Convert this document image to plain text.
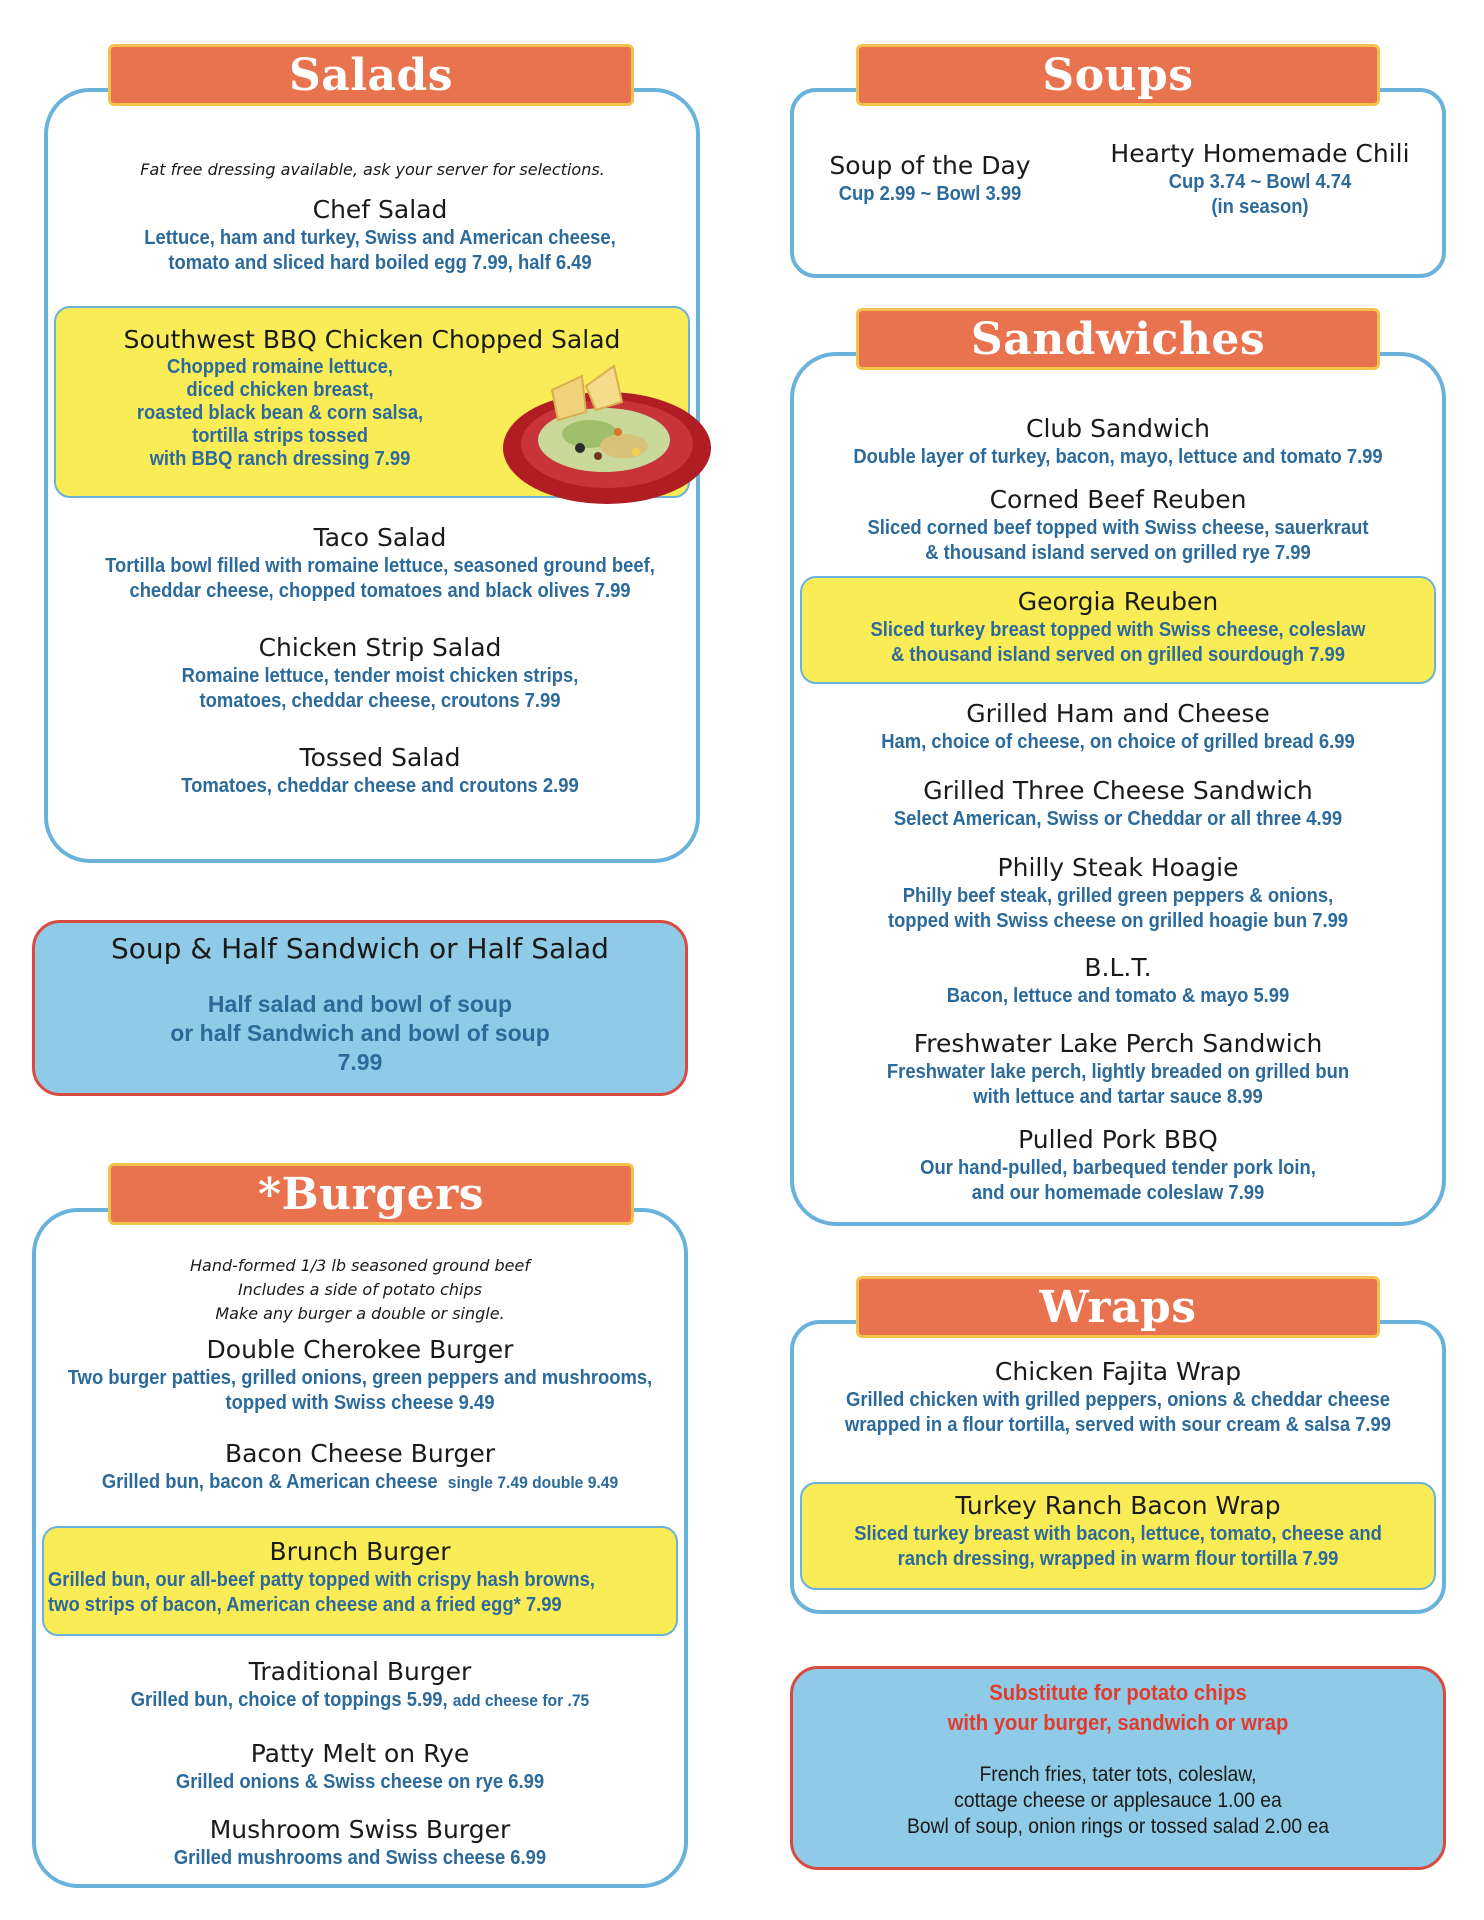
Salads
Fat free dressing available, ask your server for selections.
Chef Salad
Lettuce, ham and turkey, Swiss and American cheese,
tomato and sliced hard boiled egg 7.99, half 6.49
Southwest BBQ Chicken Chopped Salad
Chopped romaine lettuce,
diced chicken breast,
roasted black bean & corn salsa,
tortilla strips tossed
with BBQ ranch dressing 7.99
Taco Salad
Tortilla bowl filled with romaine lettuce, seasoned ground beef,
cheddar cheese, chopped tomatoes and black olives 7.99
Chicken Strip Salad
Romaine lettuce, tender moist chicken strips,
tomatoes, cheddar cheese, croutons 7.99
Tossed Salad
Tomatoes, cheddar cheese and croutons 2.99
Soup & Half Sandwich or Half Salad
Half salad and bowl of soup
or half Sandwich and bowl of soup
7.99
*Burgers
Hand-formed 1/3 lb seasoned ground beef
Includes a side of potato chips
Make any burger a double or single.
Double Cherokee Burger
Two burger patties, grilled onions, green peppers and mushrooms,
topped with Swiss cheese 9.49
Bacon Cheese Burger
Grilled bun, bacon & American cheese single 7.49 double 9.49
Brunch Burger
Grilled bun, our all-beef patty topped with crispy hash browns,
two strips of bacon, American cheese and a fried egg* 7.99
Traditional Burger
Grilled bun, choice of toppings 5.99, add cheese for .75
Patty Melt on Rye
Grilled onions & Swiss cheese on rye 6.99
Mushroom Swiss Burger
Grilled mushrooms and Swiss cheese 6.99
Soups
Soup of the Day
Cup 2.99 ~ Bowl 3.99
Hearty Homemade Chili
Cup 3.74 ~ Bowl 4.74
(in season)
Sandwiches
Club Sandwich
Double layer of turkey, bacon, mayo, lettuce and tomato 7.99
Corned Beef Reuben
Sliced corned beef topped with Swiss cheese, sauerkraut
& thousand island served on grilled rye 7.99
Georgia Reuben
Sliced turkey breast topped with Swiss cheese, coleslaw
& thousand island served on grilled sourdough 7.99
Grilled Ham and Cheese
Ham, choice of cheese, on choice of grilled bread 6.99
Grilled Three Cheese Sandwich
Select American, Swiss or Cheddar or all three 4.99
Philly Steak Hoagie
Philly beef steak, grilled green peppers & onions,
topped with Swiss cheese on grilled hoagie bun 7.99
B.L.T.
Bacon, lettuce and tomato & mayo 5.99
Freshwater Lake Perch Sandwich
Freshwater lake perch, lightly breaded on grilled bun
with lettuce and tartar sauce 8.99
Pulled Pork BBQ
Our hand-pulled, barbequed tender pork loin,
and our homemade coleslaw 7.99
Wraps
Chicken Fajita Wrap
Grilled chicken with grilled peppers, onions & cheddar cheese
wrapped in a flour tortilla, served with sour cream & salsa 7.99
Turkey Ranch Bacon Wrap
Sliced turkey breast with bacon, lettuce, tomato, cheese and
ranch dressing, wrapped in warm flour tortilla 7.99
Substitute for potato chips
with your burger, sandwich or wrap
French fries, tater tots, coleslaw,
cottage cheese or applesauce 1.00 ea
Bowl of soup, onion rings or tossed salad 2.00 ea
